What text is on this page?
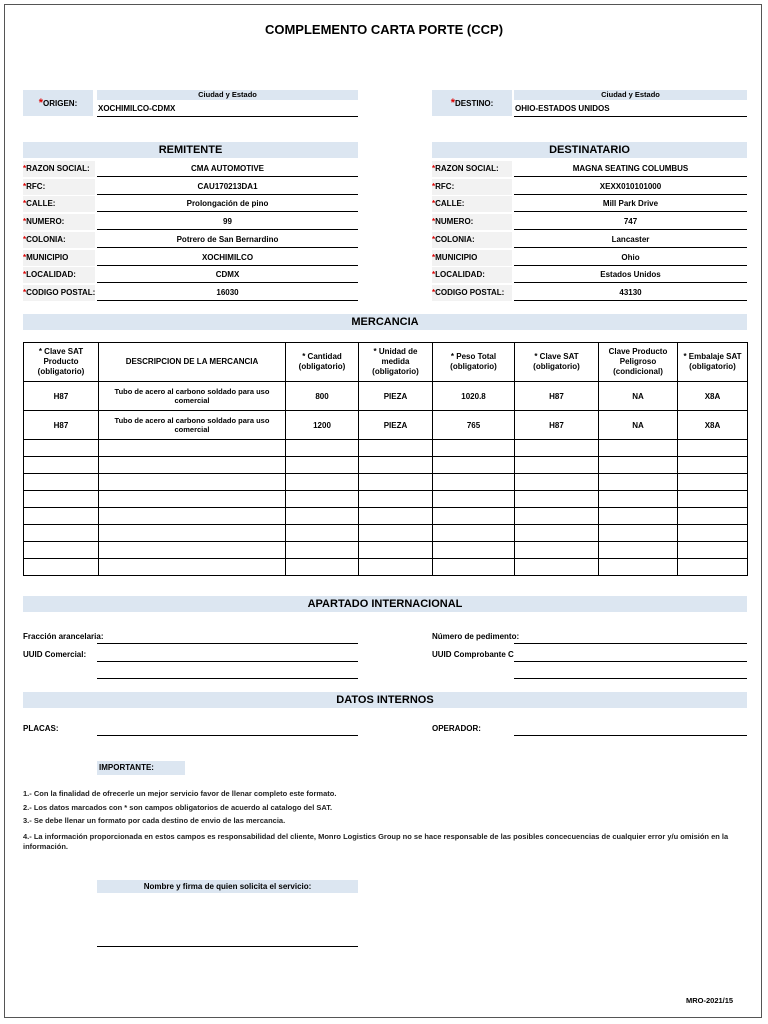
COMPLEMENTO CARTA PORTE (CCP)
*ORIGEN:
Ciudad y Estado
XOCHIMILCO-CDMX	*DESTINO:
Ciudad y Estado
OHIO-ESTADOS UNIDOS
REMITENTE	DESTINATARIO
*RAZON SOCIAL:	CMA AUTOMOTIVE
*RFC:	CAU170213DA1
*CALLE:	Prolongación de pino
*NUMERO:	99
*COLONIA:	Potrero de San Bernardino
*MUNICIPIO	XOCHIMILCO
*LOCALIDAD:	CDMX
*CODIGO POSTAL:	16030
*RAZON SOCIAL:	MAGNA SEATING COLUMBUS
*RFC:	XEXX010101000
*CALLE:	Mill Park Drive
*NUMERO:	747
*COLONIA:	Lancaster
*MUNICIPIO	Ohio
*LOCALIDAD:	Estados Unidos
*CODIGO POSTAL:	43130
MERCANCIA
* Clave SAT Producto (obligatorio)	DESCRIPCION DE LA MERCANCIA	* Cantidad (obligatorio)	* Unidad de medida (obligatorio)	* Peso Total (obligatorio)	* Clave SAT (obligatorio)	Clave Producto Peligroso (condicional)	* Embalaje SAT (obligatorio)
H87	Tubo de acero al carbono soldado para uso comercial	800	PIEZA	1020.8	H87	NA	X8A
H87	Tubo de acero al carbono soldado para uso comercial	1200	PIEZA	765	H87	NA	X8A

APARTADO INTERNACIONAL
Fracción arancelaria:
UUID Comercial:
Número de pedimento:
UUID Comprobante C
DATOS INTERNOS
PLACAS:	OPERADOR:
IMPORTANTE:
1.- Con la finalidad de ofrecerle un mejor servicio favor de llenar completo este formato.
2.- Los datos marcados con * son campos obligatorios de acuerdo al catalogo del SAT.
3.- Se debe llenar un formato por cada destino de envio de las mercancia.
4.- La información proporcionada en estos campos es responsabilidad del cliente, Monro Logistics Group no se hace responsable de las posibles concecuencias de cualquier error y/u omisión en la información.
Nombre y firma de quien solicita el servicio:
MRO-2021/15
